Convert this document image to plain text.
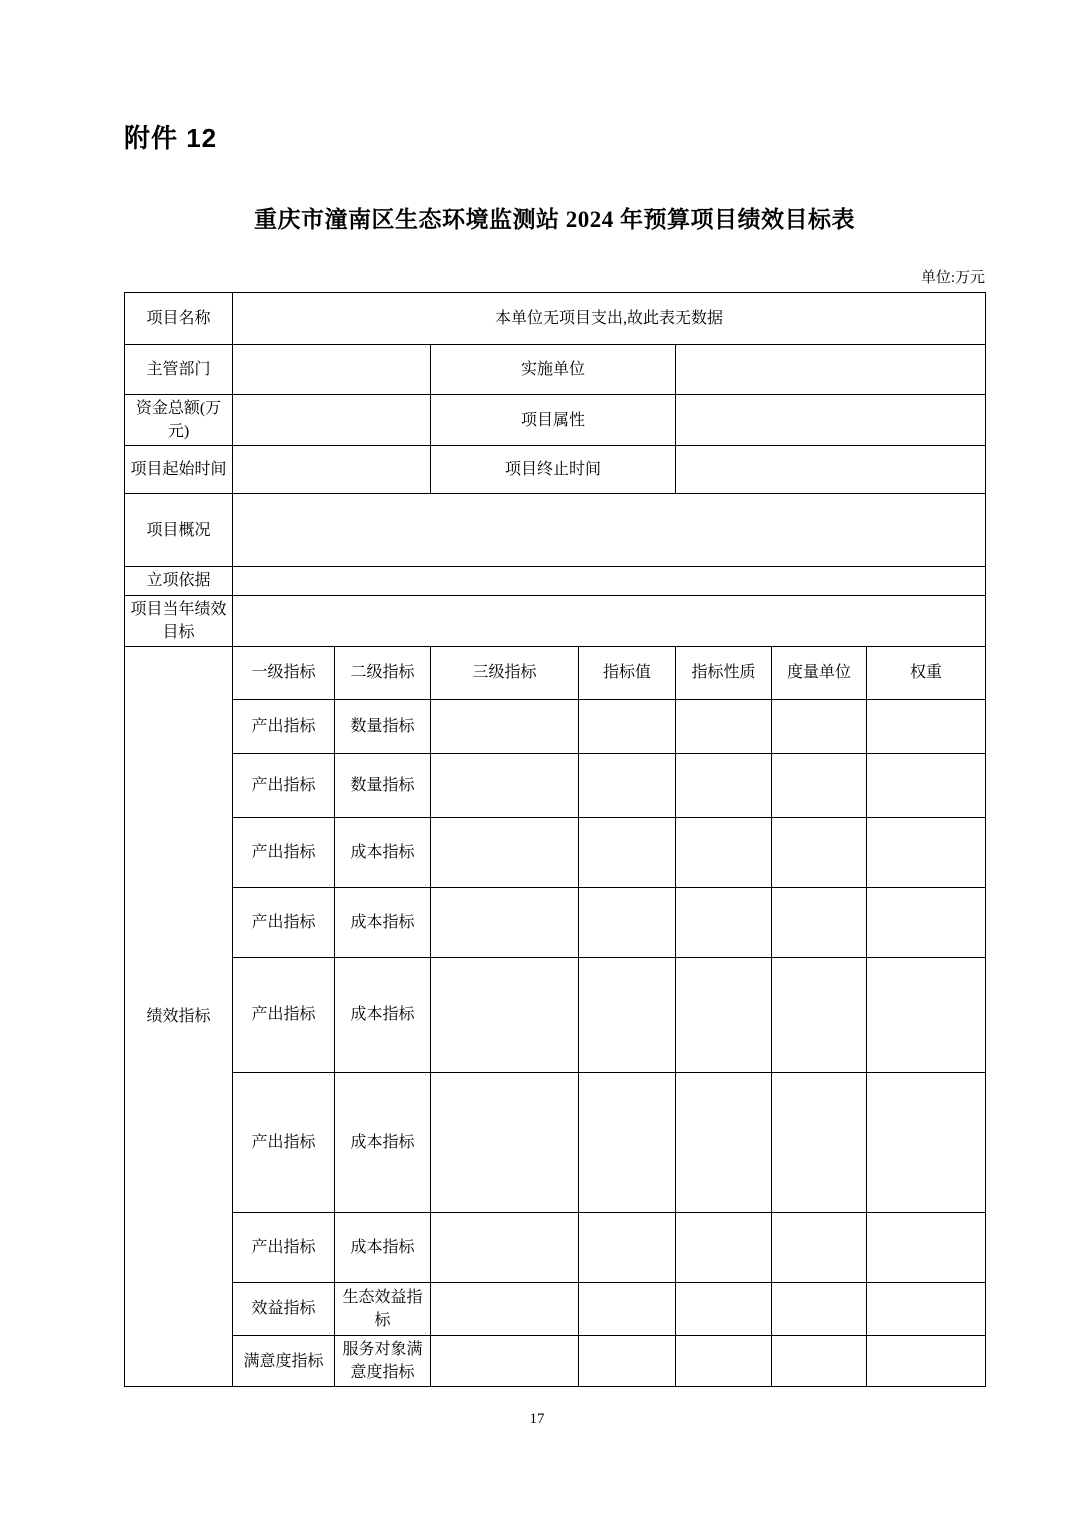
附件 12
重庆市潼南区生态环境监测站 2024 年预算项目绩效目标表
单位:万元
项目名称	本单位无项目支出,故此表无数据						
主管部门			实施单位				
资金总额(万元)			项目属性				
项目起始时间			项目终止时间				
项目概况							
立项依据							
项目当年绩效目标							
绩效指标	一级指标	二级指标	三级指标	指标值	指标性质	度量单位	权重
	产出指标	数量指标					
	产出指标	数量指标					
	产出指标	成本指标					
	产出指标	成本指标					
	产出指标	成本指标					
	产出指标	成本指标					
	产出指标	成本指标					
	效益指标	生态效益指标					
	满意度指标	服务对象满意度指标					
17
